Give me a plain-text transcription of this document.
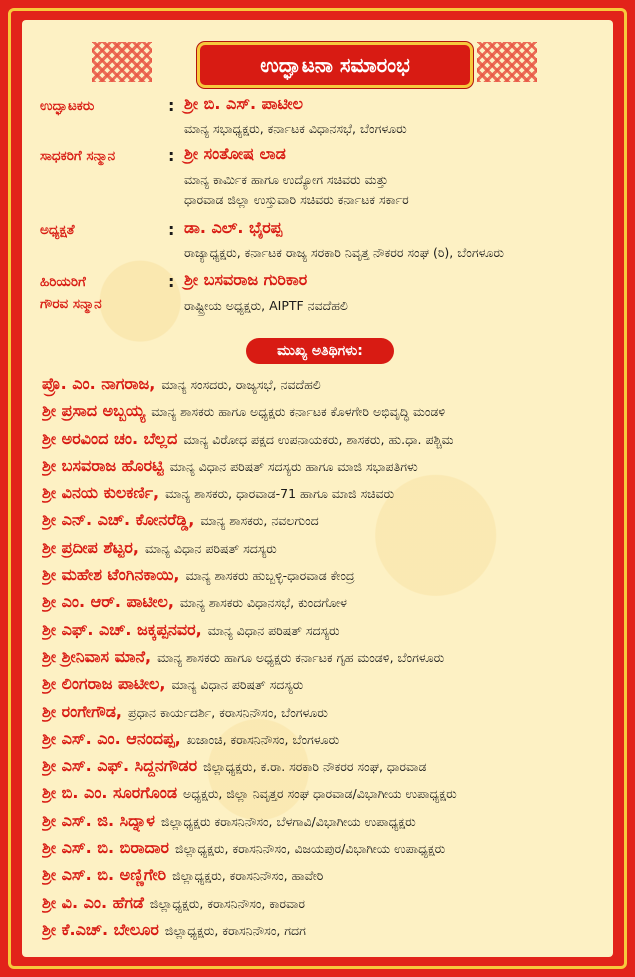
ಉದ್ಘಾಟನಾ ಸಮಾರಂಭ
ಉದ್ಘಾಟಕರು	: ಶ್ರೀ ಬಿ. ಎಸ್. ಪಾಟೀಲ
ಮಾನ್ಯ ಸಭಾಧ್ಯಕ್ಷರು, ಕರ್ನಾಟಕ ವಿಧಾನಸಭೆ, ಬೆಂಗಳೂರು
ಸಾಧಕರಿಗೆ ಸನ್ಮಾನ	: ಶ್ರೀ ಸಂತೋಷ ಲಾಡ
ಮಾನ್ಯ ಕಾರ್ಮಿಕ ಹಾಗೂ ಉದ್ಯೋಗ ಸಚಿವರು ಮತ್ತು
ಧಾರವಾಡ ಜಿಲ್ಲಾ ಉಸ್ತುವಾರಿ ಸಚಿವರು ಕರ್ನಾಟಕ ಸರ್ಕಾರ
ಅಧ್ಯಕ್ಷತೆ	: ಡಾ. ಎಲ್. ಭೈರಪ್ಪ
ರಾಜ್ಯಾಧ್ಯಕ್ಷರು, ಕರ್ನಾಟಕ ರಾಜ್ಯ ಸರಕಾರಿ ನಿವೃತ್ತ ನೌಕರರ ಸಂಘ (ರಿ), ಬೆಂಗಳೂರು
ಹಿರಿಯರಿಗೆ
ಗೌರವ ಸನ್ಮಾನ
: ಶ್ರೀ ಬಸವರಾಜ ಗುರಿಕಾರ
ರಾಷ್ಟ್ರೀಯ ಅಧ್ಯಕ್ಷರು, AIPTF ನವದೆಹಲಿ
ಮುಖ್ಯ ಅತಿಥಿಗಳು:
ಪ್ರೊ. ಎಂ. ನಾಗರಾಜ, ಮಾನ್ಯ ಸಂಸದರು, ರಾಜ್ಯಸಭೆ, ನವದೆಹಲಿ
ಶ್ರೀ ಪ್ರಸಾದ ಅಬ್ಬಯ್ಯ ಮಾನ್ಯ ಶಾಸಕರು ಹಾಗೂ ಅಧ್ಯಕ್ಷರು ಕರ್ನಾಟಕ ಕೊಳಗೇರಿ ಅಭಿವೃದ್ಧಿ ಮಂಡಳಿ
ಶ್ರೀ ಅರವಿಂದ ಚಂ. ಬೆಲ್ಲದ ಮಾನ್ಯ ವಿರೋಧ ಪಕ್ಷದ ಉಪನಾಯಕರು, ಶಾಸಕರು, ಹು.ಧಾ. ಪಶ್ಚಿಮ
ಶ್ರೀ ಬಸವರಾಜ ಹೊರಟ್ಟಿ ಮಾನ್ಯ ವಿಧಾನ ಪರಿಷತ್ ಸದಸ್ಯರು ಹಾಗೂ ಮಾಜಿ ಸಭಾಪತಿಗಳು
ಶ್ರೀ ವಿನಯ ಕುಲಕರ್ಣಿ, ಮಾನ್ಯ ಶಾಸಕರು, ಧಾರವಾಡ-71 ಹಾಗೂ ಮಾಜಿ ಸಚಿವರು
ಶ್ರೀ ಎನ್. ಎಚ್. ಕೋನರೆಡ್ಡಿ, ಮಾನ್ಯ ಶಾಸಕರು, ನವಲಗುಂದ
ಶ್ರೀ ಪ್ರದೀಪ ಶೆಟ್ಟರ, ಮಾನ್ಯ ವಿಧಾನ ಪರಿಷತ್ ಸದಸ್ಯರು
ಶ್ರೀ ಮಹೇಶ ಟೆಂಗಿನಕಾಯಿ, ಮಾನ್ಯ ಶಾಸಕರು ಹುಬ್ಬಳ್ಳಿ-ಧಾರವಾಡ ಕೇಂದ್ರ
ಶ್ರೀ ಎಂ. ಆರ್. ಪಾಟೀಲ, ಮಾನ್ಯ ಶಾಸಕರು ವಿಧಾನಸಭೆ, ಕುಂದಗೋಳ
ಶ್ರೀ ಎಫ್. ಎಚ್. ಜಕ್ಕಪ್ಪನವರ, ಮಾನ್ಯ ವಿಧಾನ ಪರಿಷತ್ ಸದಸ್ಯರು
ಶ್ರೀ ಶ್ರೀನಿವಾಸ ಮಾನೆ, ಮಾನ್ಯ ಶಾಸಕರು ಹಾಗೂ ಅಧ್ಯಕ್ಷರು ಕರ್ನಾಟಕ ಗೃಹ ಮಂಡಳಿ, ಬೆಂಗಳೂರು
ಶ್ರೀ ಲಿಂಗರಾಜ ಪಾಟೀಲ, ಮಾನ್ಯ ವಿಧಾನ ಪರಿಷತ್ ಸದಸ್ಯರು
ಶ್ರೀ ರಂಗೇಗೌಡ, ಪ್ರಧಾನ ಕಾರ್ಯದರ್ಶಿ, ಕರಾಸನಿನೌಸಂ, ಬೆಂಗಳೂರು
ಶ್ರೀ ಎಸ್. ಎಂ. ಆನಂದಪ್ಪ, ಖಜಾಂಚಿ, ಕರಾಸನಿನೌಸಂ, ಬೆಂಗಳೂರು
ಶ್ರೀ ಎಸ್. ಎಫ್. ಸಿದ್ದನಗೌಡರ ಜಿಲ್ಲಾಧ್ಯಕ್ಷರು, ಕ.ರಾ. ಸರಕಾರಿ ನೌಕರರ ಸಂಘ, ಧಾರವಾಡ
ಶ್ರೀ ಬಿ. ಎಂ. ಸೂರಗೊಂಡ ಅಧ್ಯಕ್ಷರು, ಜಿಲ್ಲಾ ನಿವೃತ್ತರ ಸಂಘ ಧಾರವಾಡ/ವಿಭಾಗೀಯ ಉಪಾಧ್ಯಕ್ಷರು
ಶ್ರೀ ಎಸ್. ಜಿ. ಸಿದ್ನಾಳ ಜಿಲ್ಲಾಧ್ಯಕ್ಷರು ಕರಾಸನಿನೌಸಂ, ಬೆಳಗಾವಿ/ವಿಭಾಗೀಯ ಉಪಾಧ್ಯಕ್ಷರು
ಶ್ರೀ ಎಸ್. ಬಿ. ಬಿರಾದಾರ ಜಿಲ್ಲಾಧ್ಯಕ್ಷರು, ಕರಾಸನಿನೌಸಂ, ವಿಜಯಪುರ/ವಿಭಾಗೀಯ ಉಪಾಧ್ಯಕ್ಷರು
ಶ್ರೀ ಎಸ್. ಬಿ. ಅಣ್ಣಿಗೇರಿ ಜಿಲ್ಲಾಧ್ಯಕ್ಷರು, ಕರಾಸನಿನೌಸಂ, ಹಾವೇರಿ
ಶ್ರೀ ವಿ. ಎಂ. ಹೆಗಡೆ ಜಿಲ್ಲಾಧ್ಯಕ್ಷರು, ಕರಾಸನಿನೌಸಂ, ಕಾರವಾರ
ಶ್ರೀ ಕೆ.ಎಚ್. ಬೇಲೂರ ಜಿಲ್ಲಾಧ್ಯಕ್ಷರು, ಕರಾಸನಿನೌಸಂ, ಗದಗ
